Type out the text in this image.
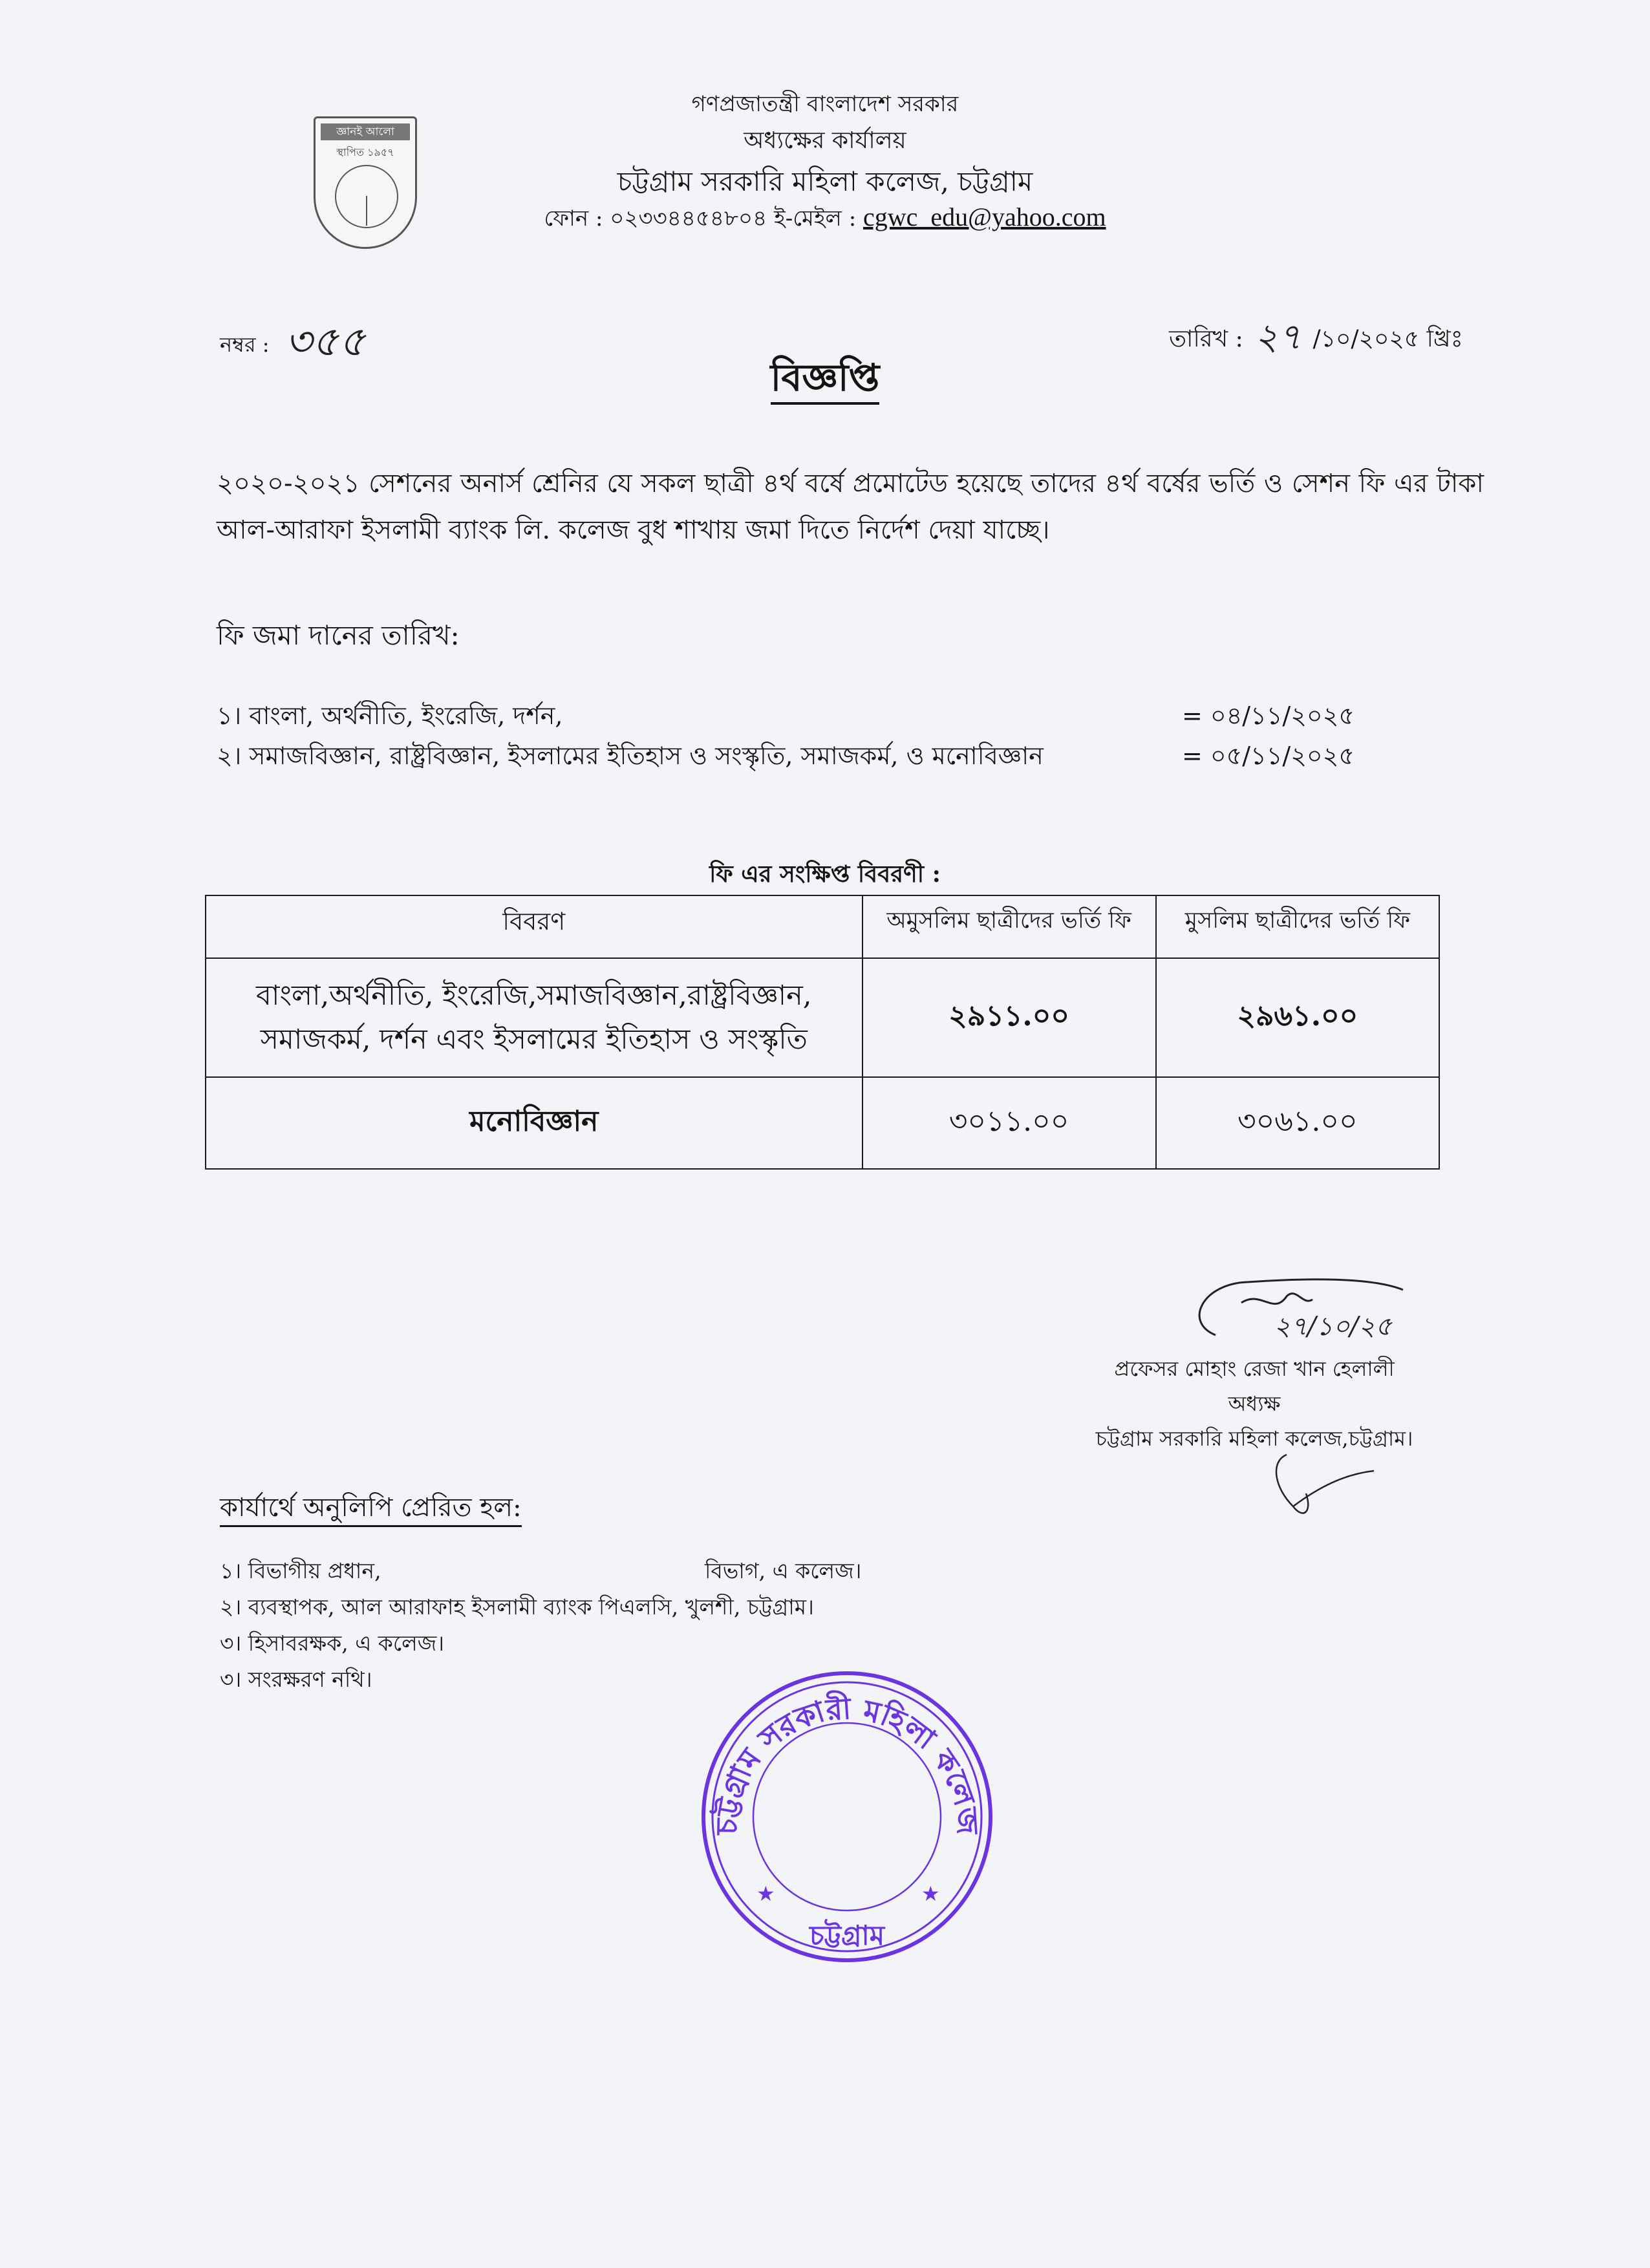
জ্ঞানই আলো
স্থাপিত ১৯৫৭
গণপ্রজাতন্ত্রী বাংলাদেশ সরকার
অধ্যক্ষের কার্যালয়
চট্টগ্রাম সরকারি মহিলা কলেজ, চট্টগ্রাম
ফোন : ০২৩৩৪৪৫৪৮০৪ ই-মেইল : cgwc_edu@yahoo.com
নম্বর : ৩৫৫	তারিখ : ২৭ /১০/২০২৫ খ্রিঃ
বিজ্ঞপ্তি
২০২০-২০২১ সেশনের অনার্স শ্রেনির যে সকল ছাত্রী ৪র্থ বর্ষে প্রমোটেড হয়েছে তাদের ৪র্থ বর্ষের ভর্তি ও সেশন ফি এর টাকা আল-আরাফা ইসলামী ব্যাংক লি. কলেজ বুধ শাখায় জমা দিতে নির্দেশ দেয়া যাচ্ছে।
ফি জমা দানের তারিখ:
১। বাংলা, অর্থনীতি, ইংরেজি, দর্শন,	= ০৪/১১/২০২৫
২। সমাজবিজ্ঞান, রাষ্ট্রবিজ্ঞান, ইসলামের ইতিহাস ও সংস্কৃতি, সমাজকর্ম, ও মনোবিজ্ঞান	= ০৫/১১/২০২৫
ফি এর সংক্ষিপ্ত বিবরণী :
বিবরণ	অমুসলিম ছাত্রীদের ভর্তি ফি	মুসলিম ছাত্রীদের ভর্তি ফি
বাংলা,অর্থনীতি, ইংরেজি,সমাজবিজ্ঞান,রাষ্ট্রবিজ্ঞান,
সমাজকর্ম, দর্শন এবং ইসলামের ইতিহাস ও সংস্কৃতি	২৯১১.০০	২৯৬১.০০
মনোবিজ্ঞান	৩০১১.০০	৩০৬১.০০
২৭/১০/২৫
প্রফেসর মোহাং রেজা খান হেলালী
অধ্যক্ষ
চট্টগ্রাম সরকারি মহিলা কলেজ,চট্টগ্রাম।
কার্যার্থে অনুলিপি প্রেরিত হল:
১। বিভাগীয় প্রধান,	বিভাগ, এ কলেজ।
২। ব্যবস্থাপক, আল আরাফাহ ইসলামী ব্যাংক পিএলসি, খুলশী, চট্টগ্রাম।
৩। হিসাবরক্ষক, এ কলেজ।
৩। সংরক্ষরণ নথি।
চট্টগ্রাম সরকারী মহিলা কলেজ
চট্টগ্রাম
★	★
